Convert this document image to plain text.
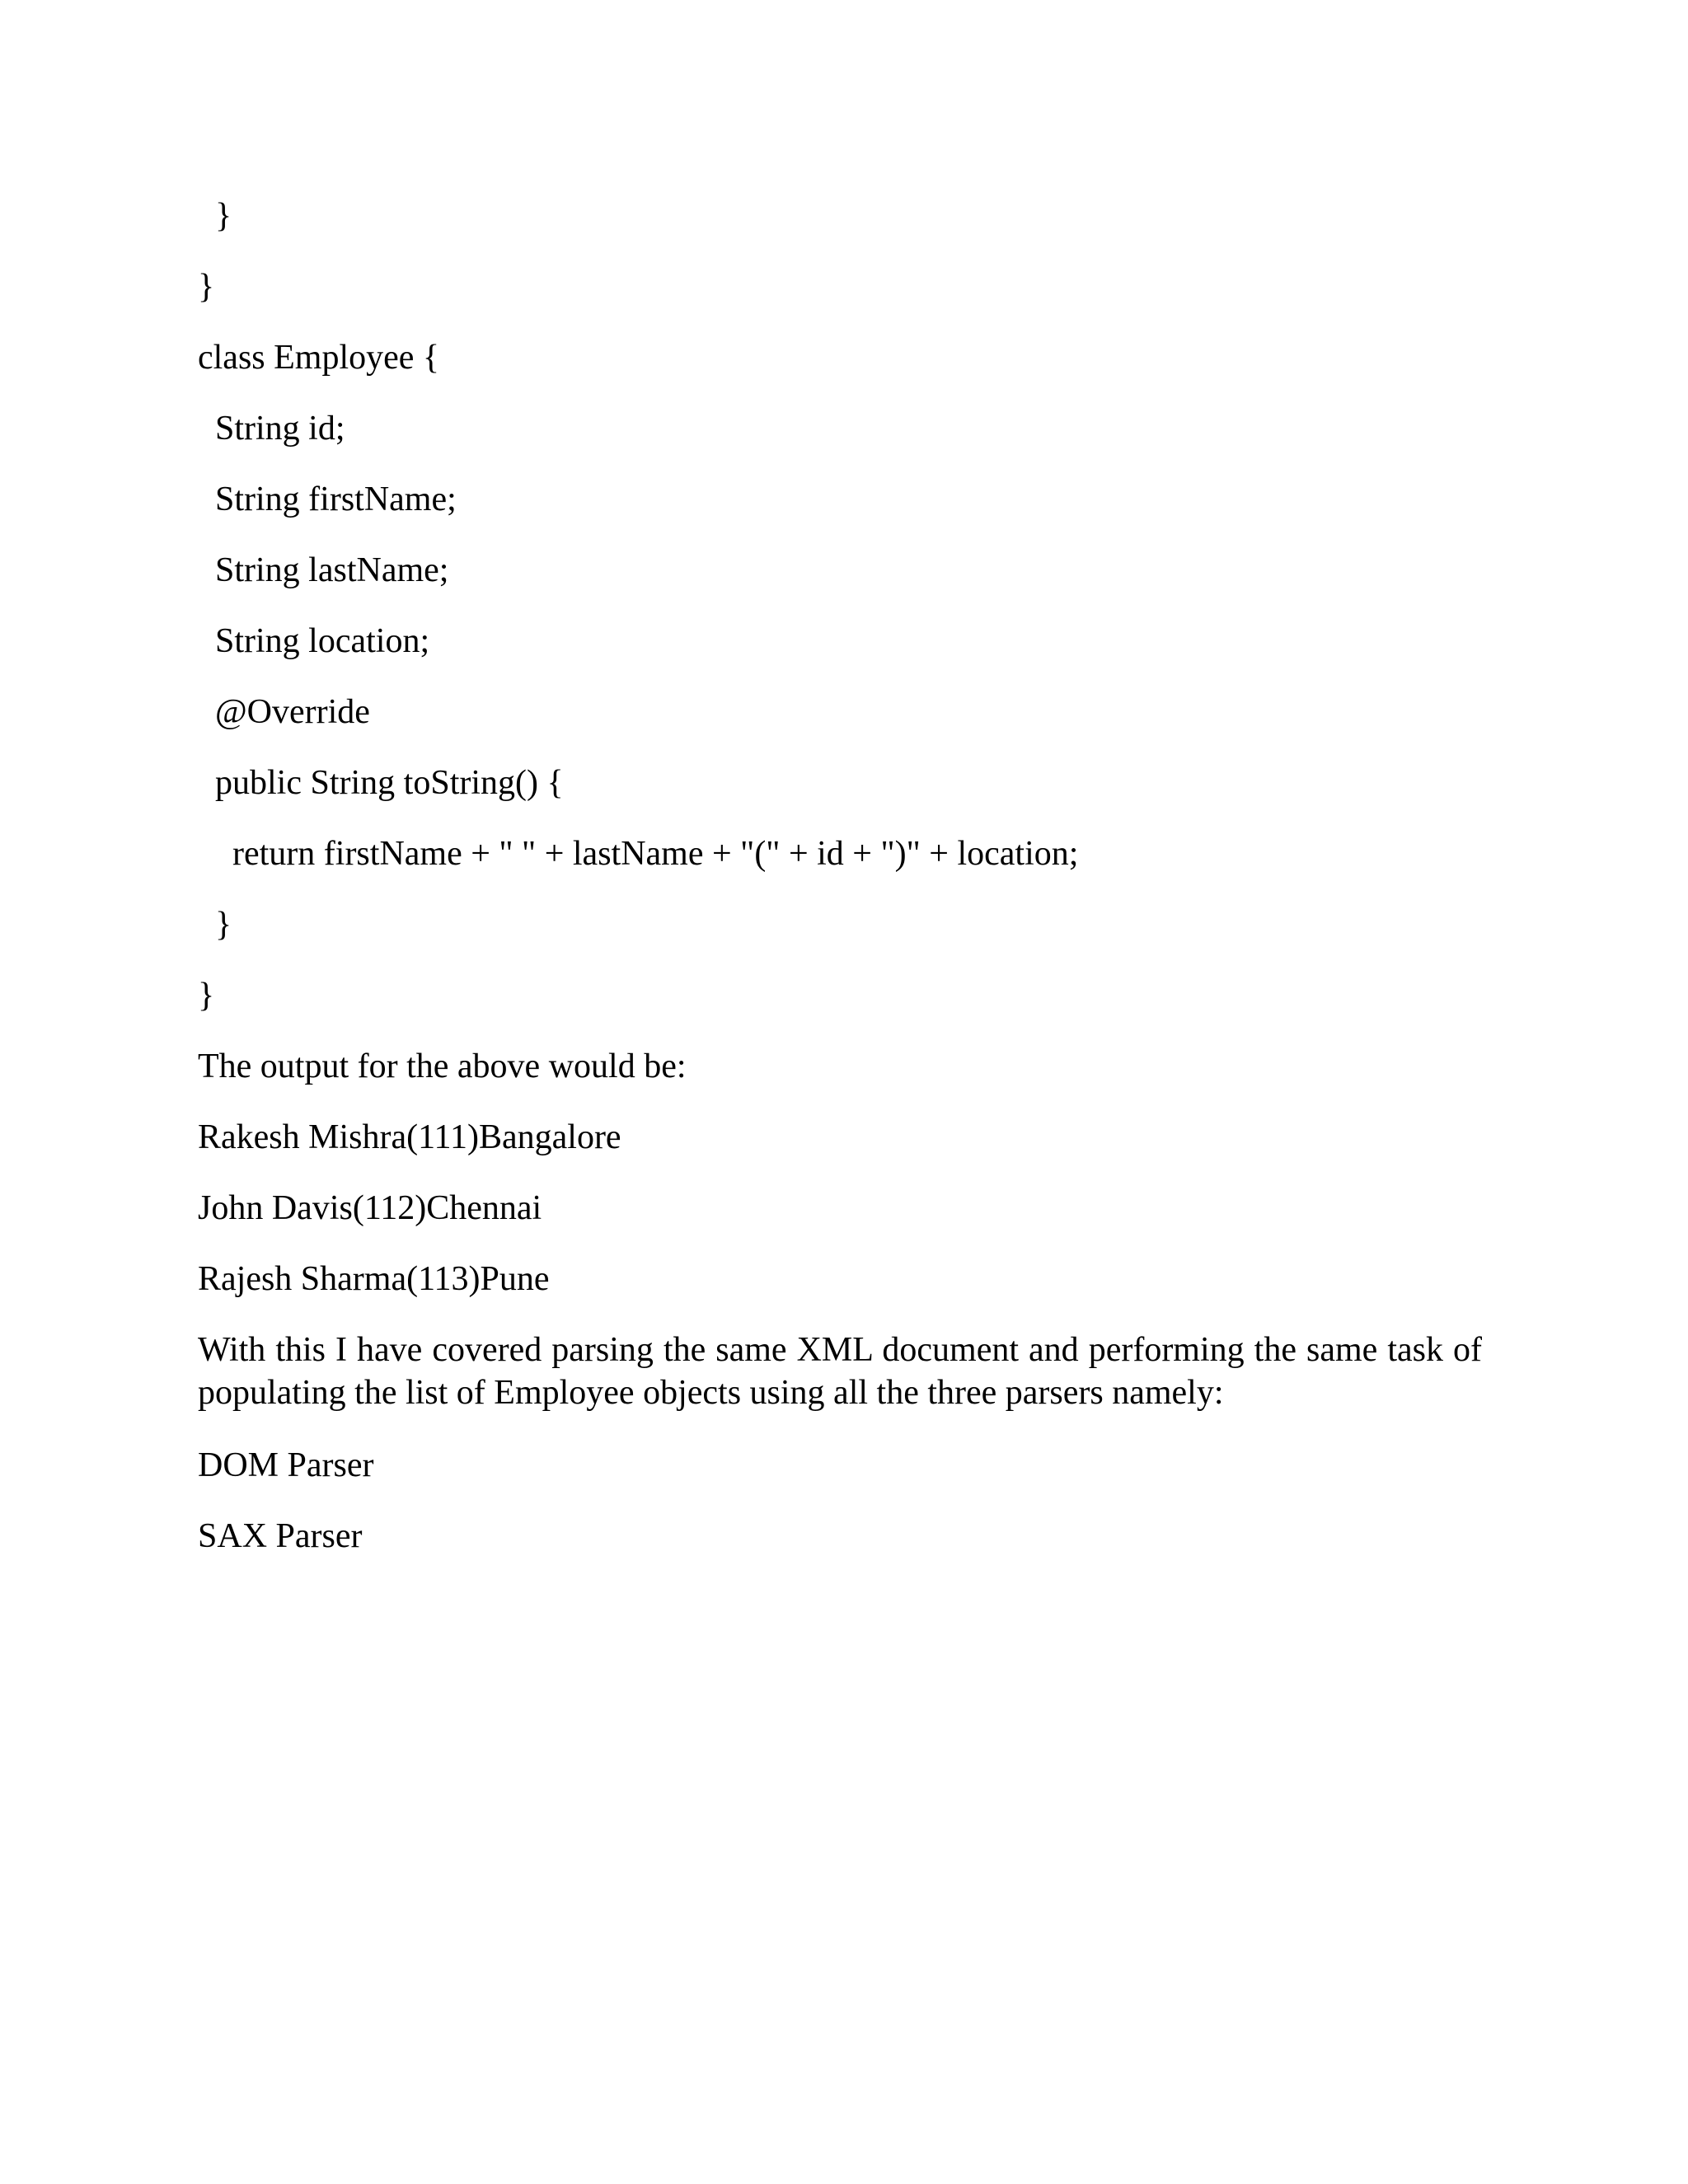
}
}
class Employee {
String id;
String firstName;
String lastName;
String location;
@Override
public String toString() {
return firstName + " " + lastName + "(" + id + ")" + location;
}
}
The output for the above would be:
Rakesh Mishra(111)Bangalore
John Davis(112)Chennai
Rajesh Sharma(113)Pune
With this I have covered parsing the same XML document and performing the same task of populating the list of Employee objects using all the three parsers namely:
DOM Parser
SAX Parser
